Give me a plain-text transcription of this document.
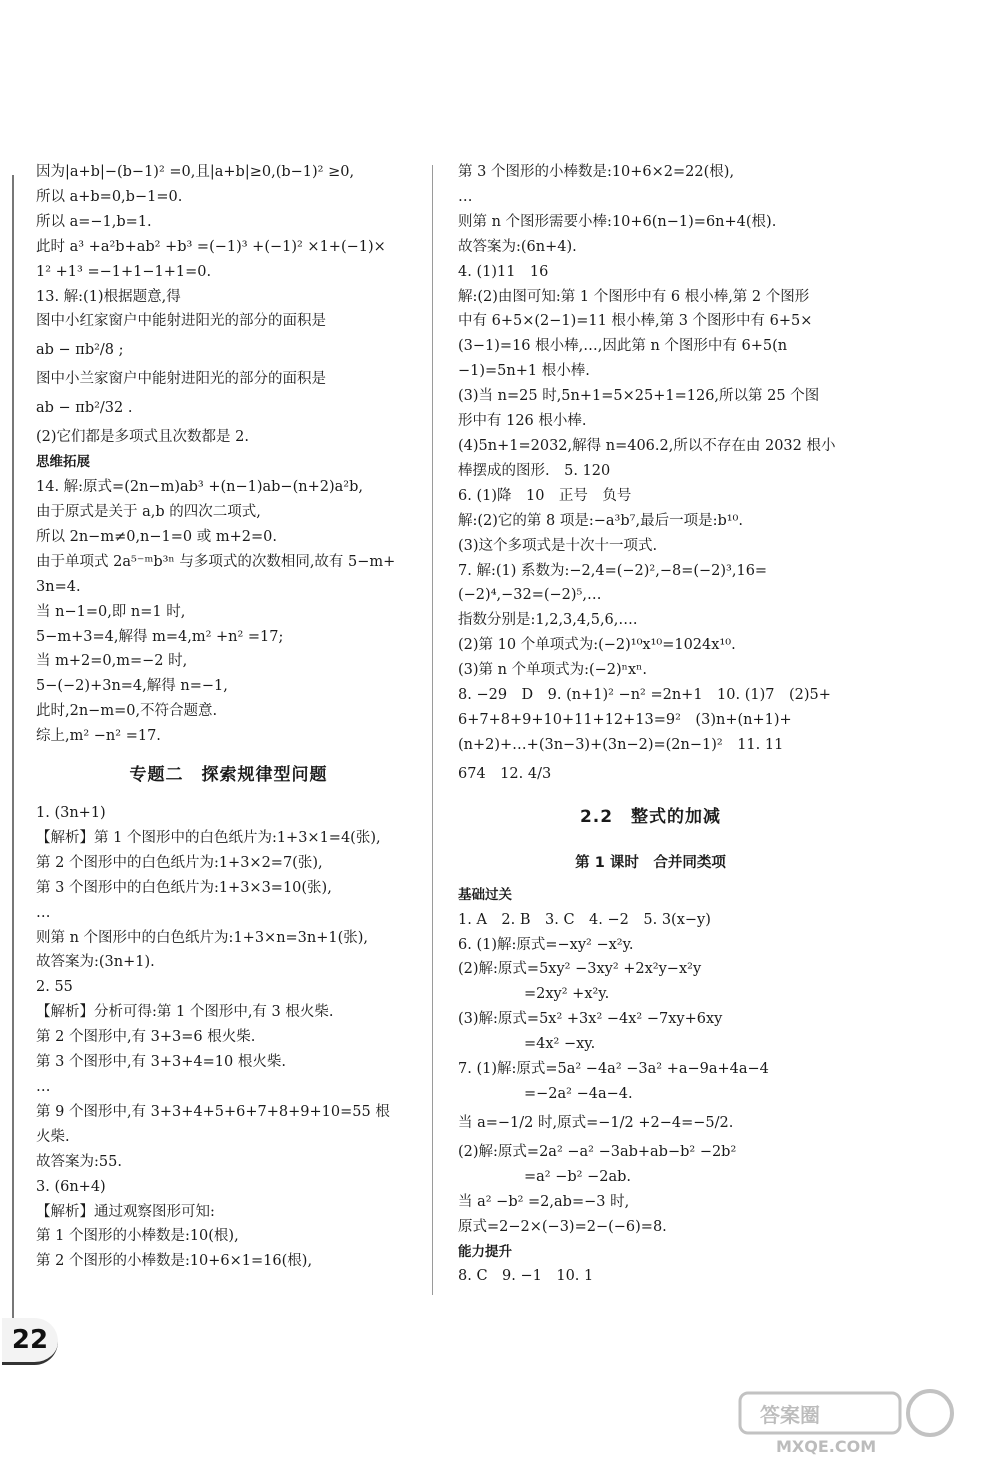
因为|a+b|−(b−1)² =0,且|a+b|≥0,(b−1)² ≥0,
所以 a+b=0,b−1=0.
所以 a=−1,b=1.
此时 a³ +a²b+ab² +b³ =(−1)³ +(−1)² ×1+(−1)×
1² +1³ =−1+1−1+1=0.
13. 解:(1)根据题意,得
图中小红家窗户中能射进阳光的部分的面积是
ab − πb²/8 ;
图中小兰家窗户中能射进阳光的部分的面积是
ab − πb²/32 .
(2)它们都是多项式且次数都是 2.
思维拓展
14. 解:原式=(2n−m)ab³ +(n−1)ab−(n+2)a²b,
由于原式是关于 a,b 的四次二项式,
所以 2n−m≠0,n−1=0 或 m+2=0.
由于单项式 2a⁵⁻ᵐb³ⁿ 与多项式的次数相同,故有 5−m+
3n=4.
当 n−1=0,即 n=1 时,
5−m+3=4,解得 m=4,m² +n² =17;
当 m+2=0,m=−2 时,
5−(−2)+3n=4,解得 n=−1,
此时,2n−m=0,不符合题意.
综上,m² −n² =17.
专题二　探索规律型问题
1. (3n+1)
【解析】第 1 个图形中的白色纸片为:1+3×1=4(张),
第 2 个图形中的白色纸片为:1+3×2=7(张),
第 3 个图形中的白色纸片为:1+3×3=10(张),
…
则第 n 个图形中的白色纸片为:1+3×n=3n+1(张),
故答案为:(3n+1).
2. 55
【解析】分析可得:第 1 个图形中,有 3 根火柴.
第 2 个图形中,有 3+3=6 根火柴.
第 3 个图形中,有 3+3+4=10 根火柴.
…
第 9 个图形中,有 3+3+4+5+6+7+8+9+10=55 根
火柴.
故答案为:55.
3. (6n+4)
【解析】通过观察图形可知:
第 1 个图形的小棒数是:10(根),
第 2 个图形的小棒数是:10+6×1=16(根),
第 3 个图形的小棒数是:10+6×2=22(根),
…
则第 n 个图形需要小棒:10+6(n−1)=6n+4(根).
故答案为:(6n+4).
4. (1)11　16
解:(2)由图可知:第 1 个图形中有 6 根小棒,第 2 个图形
中有 6+5×(2−1)=11 根小棒,第 3 个图形中有 6+5×
(3−1)=16 根小棒,…,因此第 n 个图形中有 6+5(n
−1)=5n+1 根小棒.
(3)当 n=25 时,5n+1=5×25+1=126,所以第 25 个图
形中有 126 根小棒.
(4)5n+1=2032,解得 n=406.2,所以不存在由 2032 根小
棒摆成的图形.　5. 120
6. (1)降　10　正号　负号
解:(2)它的第 8 项是:−a³b⁷,最后一项是:b¹⁰.
(3)这个多项式是十次十一项式.
7. 解:(1) 系数为:−2,4=(−2)²,−8=(−2)³,16=
(−2)⁴,−32=(−2)⁵,…
指数分别是:1,2,3,4,5,6,….
(2)第 10 个单项式为:(−2)¹⁰x¹⁰=1024x¹⁰.
(3)第 n 个单项式为:(−2)ⁿxⁿ.
8. −29　D　9. (n+1)² −n² =2n+1　10. (1)7　(2)5+
6+7+8+9+10+11+12+13=9²　(3)n+(n+1)+
(n+2)+…+(3n−3)+(3n−2)=(2n−1)²　11. 11
674　12. 4/3
2.2　整式的加减
第 1 课时　合并同类项
基础过关
1. A　2. B　3. C　4. −2　5. 3(x−y)
6. (1)解:原式=−xy² −x²y.
(2)解:原式=5xy² −3xy² +2x²y−x²y
=2xy² +x²y.
(3)解:原式=5x² +3x² −4x² −7xy+6xy
=4x² −xy.
7. (1)解:原式=5a² −4a² −3a² +a−9a+4a−4
=−2a² −4a−4.
当 a=−1/2 时,原式=−1/2 +2−4=−5/2.
(2)解:原式=2a² −a² −3ab+ab−b² −2b²
=a² −b² −2ab.
当 a² −b² =2,ab=−3 时,
原式=2−2×(−3)=2−(−6)=8.
能力提升
8. C　9. −1　10. 1
22
答案圈
MXQE.COM
